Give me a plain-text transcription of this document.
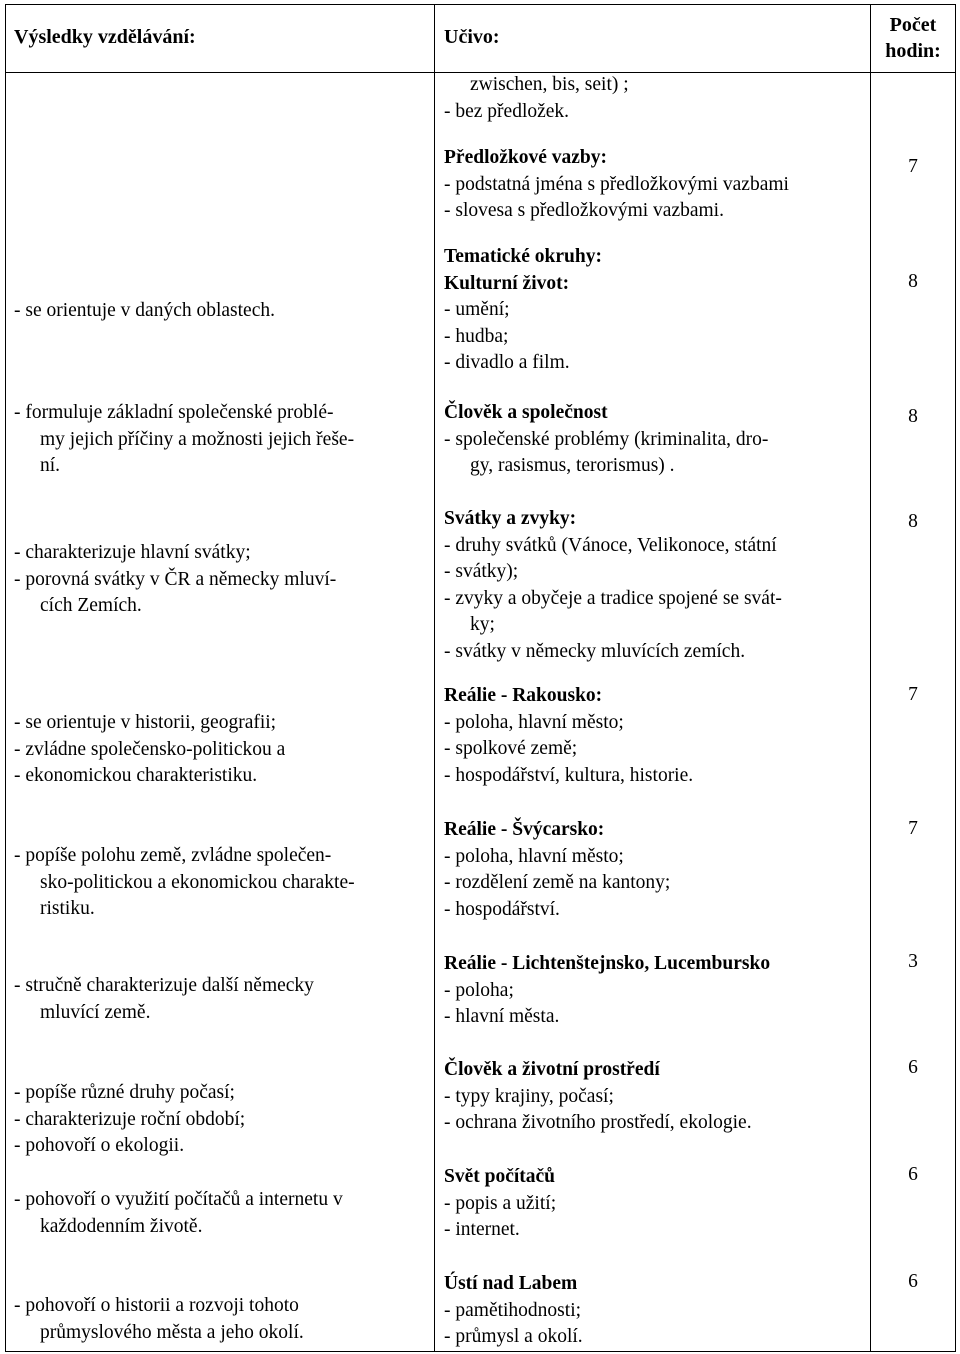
Výsledky vzdělávání:	Učivo:
Počet hodin:
zwischen, bis, seit) ;
- bez předložek.
Předložkové vazby:
- podstatná jména s předložkovými vazbami
- slovesa s předložkovými vazbami.
7
- se orientuje v daných oblastech.
Tematické okruhy:
Kulturní život:
- umění;
- hudba;
- divadlo a film.
8
- formuluje základní společenské problé-
my jejich příčiny a možnosti jejich řeše-
ní.
Člověk a společnost
- společenské problémy (kriminalita, dro-
gy, rasismus, terorismus) .
8
- charakterizuje hlavní svátky;
- porovná svátky v ČR a německy mluví-
cích Zemích.
Svátky a zvyky:
- druhy svátků (Vánoce, Velikonoce, státní
- svátky);
- zvyky a obyčeje a tradice spojené se svát-
ky;
- svátky v německy mluvících zemích.
8
- se orientuje v historii, geografii;
- zvládne společensko-politickou a
- ekonomickou charakteristiku.
Reálie - Rakousko:
- poloha, hlavní město;
- spolkové země;
- hospodářství, kultura, historie.
7
- popíše polohu země, zvládne společen-
sko-politickou a ekonomickou charakte-
ristiku.
Reálie - Švýcarsko:
- poloha, hlavní město;
- rozdělení země na kantony;
- hospodářství.
7
- stručně charakterizuje další německy
mluvící země.
Reálie - Lichtenštejnsko, Lucembursko
- poloha;
- hlavní města.
3
- popíše různé druhy počasí;
- charakterizuje roční období;
- pohovoří o ekologii.
Člověk a životní prostředí
- typy krajiny, počasí;
- ochrana životního prostředí, ekologie.
6
- pohovoří o využití počítačů a internetu v
každodenním životě.
Svět počítačů
- popis a užití;
- internet.
6
- pohovoří o historii a rozvoji tohoto
průmyslového města a jeho okolí.
Ústí nad Labem
- pamětihodnosti;
- průmysl a okolí.
6
